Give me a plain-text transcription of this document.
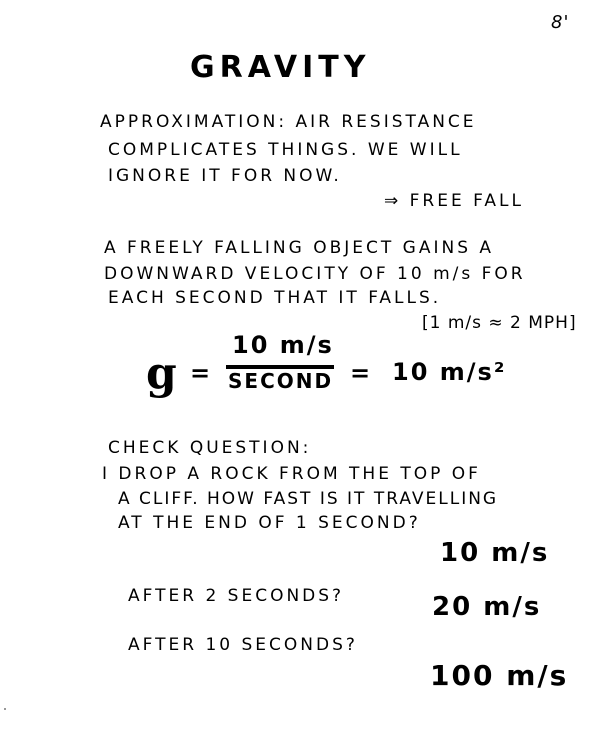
8'
GRAVITY
APPROXIMATION: AIR RESISTANCE
COMPLICATES THINGS. WE WILL
IGNORE IT FOR NOW.
⇒ FREE FALL
A FREELY FALLING OBJECT GAINS A
DOWNWARD VELOCITY OF 10 m/s FOR
EACH SECOND THAT IT FALLS.
[1 m/s ≈ 2 MPH]
g =
10 m/s
SECOND = 10 m/s²
CHECK QUESTION:
I DROP A ROCK FROM THE TOP OF
A CLIFF. HOW FAST IS IT TRAVELLING
AT THE END OF 1 SECOND?
10 m/s
AFTER 2 SECONDS?	20 m/s
AFTER 10 SECONDS?
100 m/s
